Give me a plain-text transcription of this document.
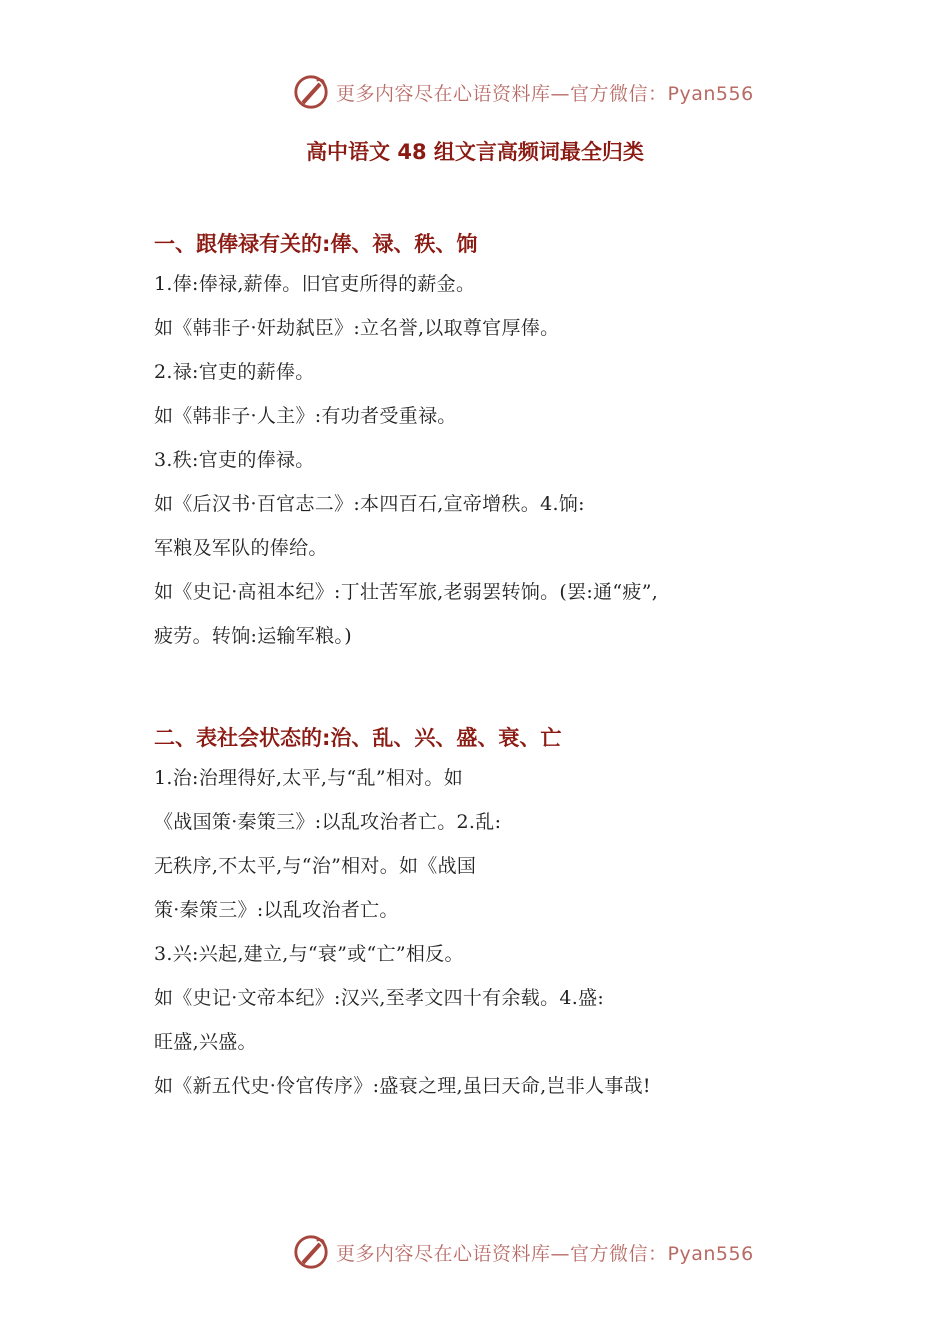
更多内容尽在心语资料库—官方微信：Pyan556
高中语文 48 组文言高频词最全归类
一、跟俸禄有关的:俸、禄、秩、饷
1.俸:俸禄,薪俸。旧官吏所得的薪金。
如《韩非子·奸劫弑臣》:立名誉,以取尊官厚俸。
2.禄:官吏的薪俸。
如《韩非子·人主》:有功者受重禄。
3.秩:官吏的俸禄。
如《后汉书·百官志二》:本四百石,宣帝增秩。4.饷:
军粮及军队的俸给。
如《史记·高祖本纪》:丁壮苦军旅,老弱罢转饷。(罢:通“疲”,
疲劳。转饷:运输军粮。)
二、表社会状态的:治、乱、兴、盛、衰、亡
1.治:治理得好,太平,与“乱”相对。如
《战国策·秦策三》:以乱攻治者亡。2.乱:
无秩序,不太平,与“治”相对。如《战国
策·秦策三》:以乱攻治者亡。
3.兴:兴起,建立,与“衰”或“亡”相反。
如《史记·文帝本纪》:汉兴,至孝文四十有余载。4.盛:
旺盛,兴盛。
如《新五代史·伶官传序》:盛衰之理,虽曰天命,岂非人事哉!
更多内容尽在心语资料库—官方微信：Pyan556
